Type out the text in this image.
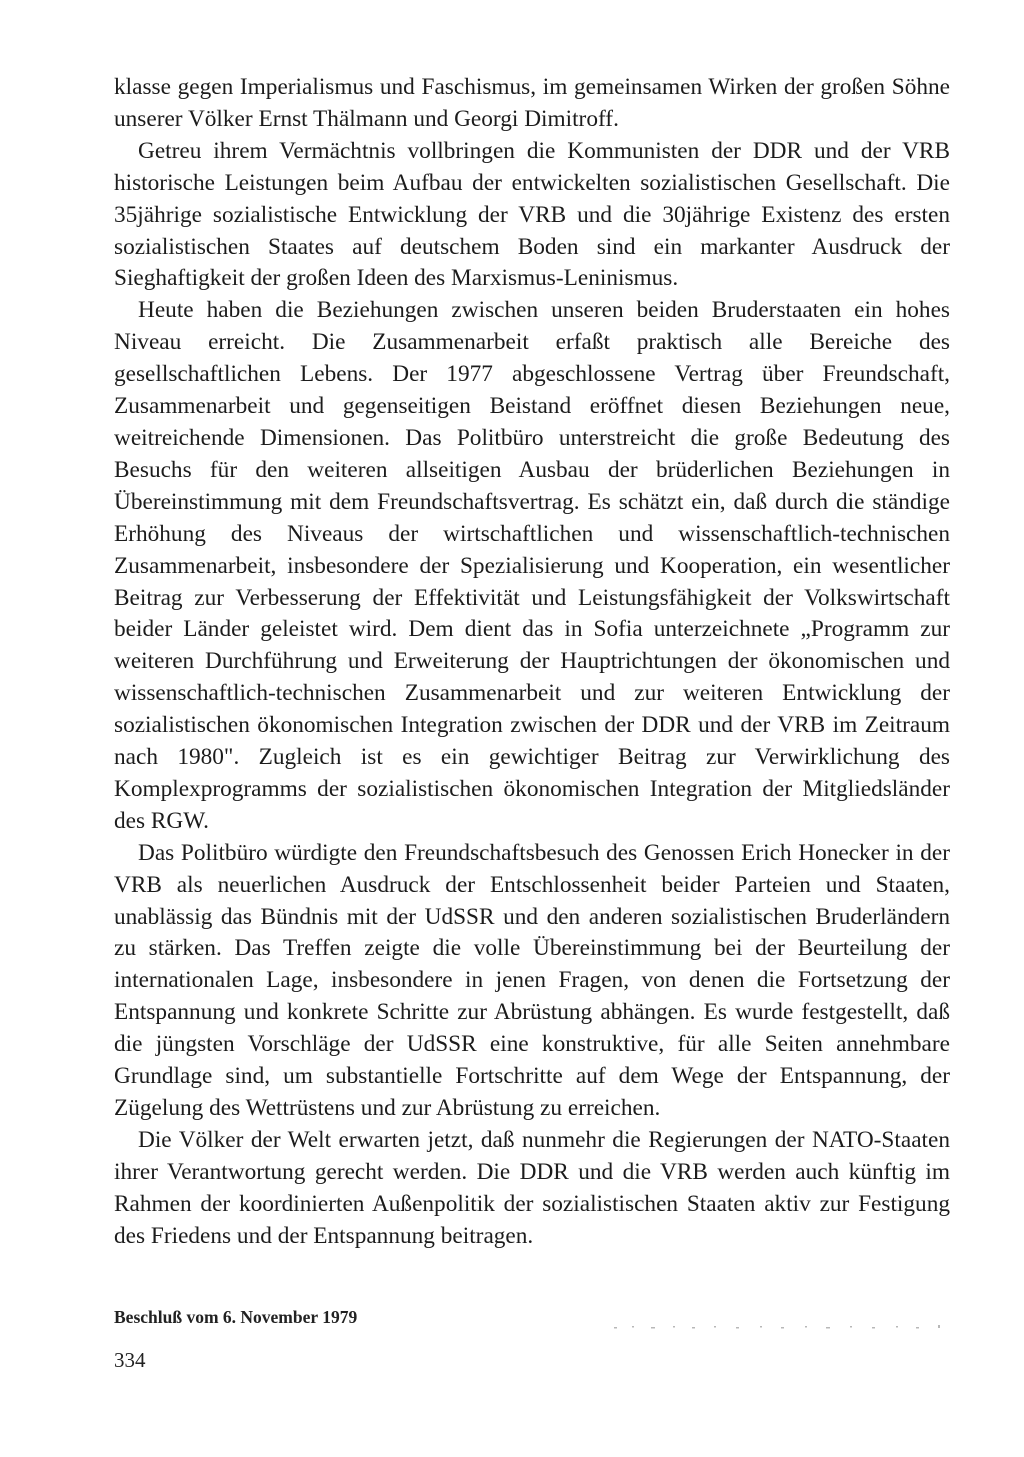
klasse gegen Imperialismus und Faschismus, im gemeinsamen Wirken der großen Söhne unserer Völker Ernst Thälmann und Georgi Dimitroff.

Getreu ihrem Vermächtnis vollbringen die Kommunisten der DDR und der VRB historische Leistungen beim Aufbau der entwickelten sozialistischen Gesellschaft. Die 35jährige sozialistische Entwicklung der VRB und die 30jährige Existenz des ersten sozialistischen Staates auf deutschem Boden sind ein markanter Ausdruck der Sieghaftigkeit der großen Ideen des Marxismus-Leninismus.

Heute haben die Beziehungen zwischen unseren beiden Bruderstaaten ein hohes Niveau erreicht. Die Zusammenarbeit erfaßt praktisch alle Bereiche des gesellschaftlichen Lebens. Der 1977 abgeschlossene Vertrag über Freundschaft, Zusammenarbeit und gegenseitigen Beistand eröffnet diesen Beziehungen neue, weitreichende Dimensionen. Das Politbüro unterstreicht die große Bedeutung des Besuchs für den weiteren allseitigen Ausbau der brüderlichen Beziehungen in Übereinstimmung mit dem Freundschaftsvertrag. Es schätzt ein, daß durch die ständige Erhöhung des Niveaus der wirtschaftlichen und wissenschaftlich-technischen Zusammenarbeit, insbesondere der Spezialisierung und Kooperation, ein wesentlicher Beitrag zur Verbesserung der Effektivität und Leistungsfähigkeit der Volkswirtschaft beider Länder geleistet wird. Dem dient das in Sofia unterzeichnete „Programm zur weiteren Durchführung und Erweiterung der Hauptrichtungen der ökonomischen und wissenschaftlich-technischen Zusammenarbeit und zur weiteren Entwicklung der sozialistischen ökonomischen Integration zwischen der DDR und der VRB im Zeitraum nach 1980". Zugleich ist es ein gewichtiger Beitrag zur Verwirklichung des Komplexprogramms der sozialistischen ökonomischen Integration der Mitgliedsländer des RGW.

Das Politbüro würdigte den Freundschaftsbesuch des Genossen Erich Honecker in der VRB als neuerlichen Ausdruck der Entschlossenheit beider Parteien und Staaten, unablässig das Bündnis mit der UdSSR und den anderen sozialistischen Bruderländern zu stärken. Das Treffen zeigte die volle Übereinstimmung bei der Beurteilung der internationalen Lage, insbesondere in jenen Fragen, von denen die Fortsetzung der Entspannung und konkrete Schritte zur Abrüstung abhängen. Es wurde festgestellt, daß die jüngsten Vorschläge der UdSSR eine konstruktive, für alle Seiten annehmbare Grundlage sind, um substantielle Fortschritte auf dem Wege der Entspannung, der Zügelung des Wettrüstens und zur Abrüstung zu erreichen.

Die Völker der Welt erwarten jetzt, daß nunmehr die Regierungen der NATO-Staaten ihrer Verantwortung gerecht werden. Die DDR und die VRB werden auch künftig im Rahmen der koordinierten Außenpolitik der sozialistischen Staaten aktiv zur Festigung des Friedens und der Entspannung beitragen.

Beschluß vom 6. November 1979
334
